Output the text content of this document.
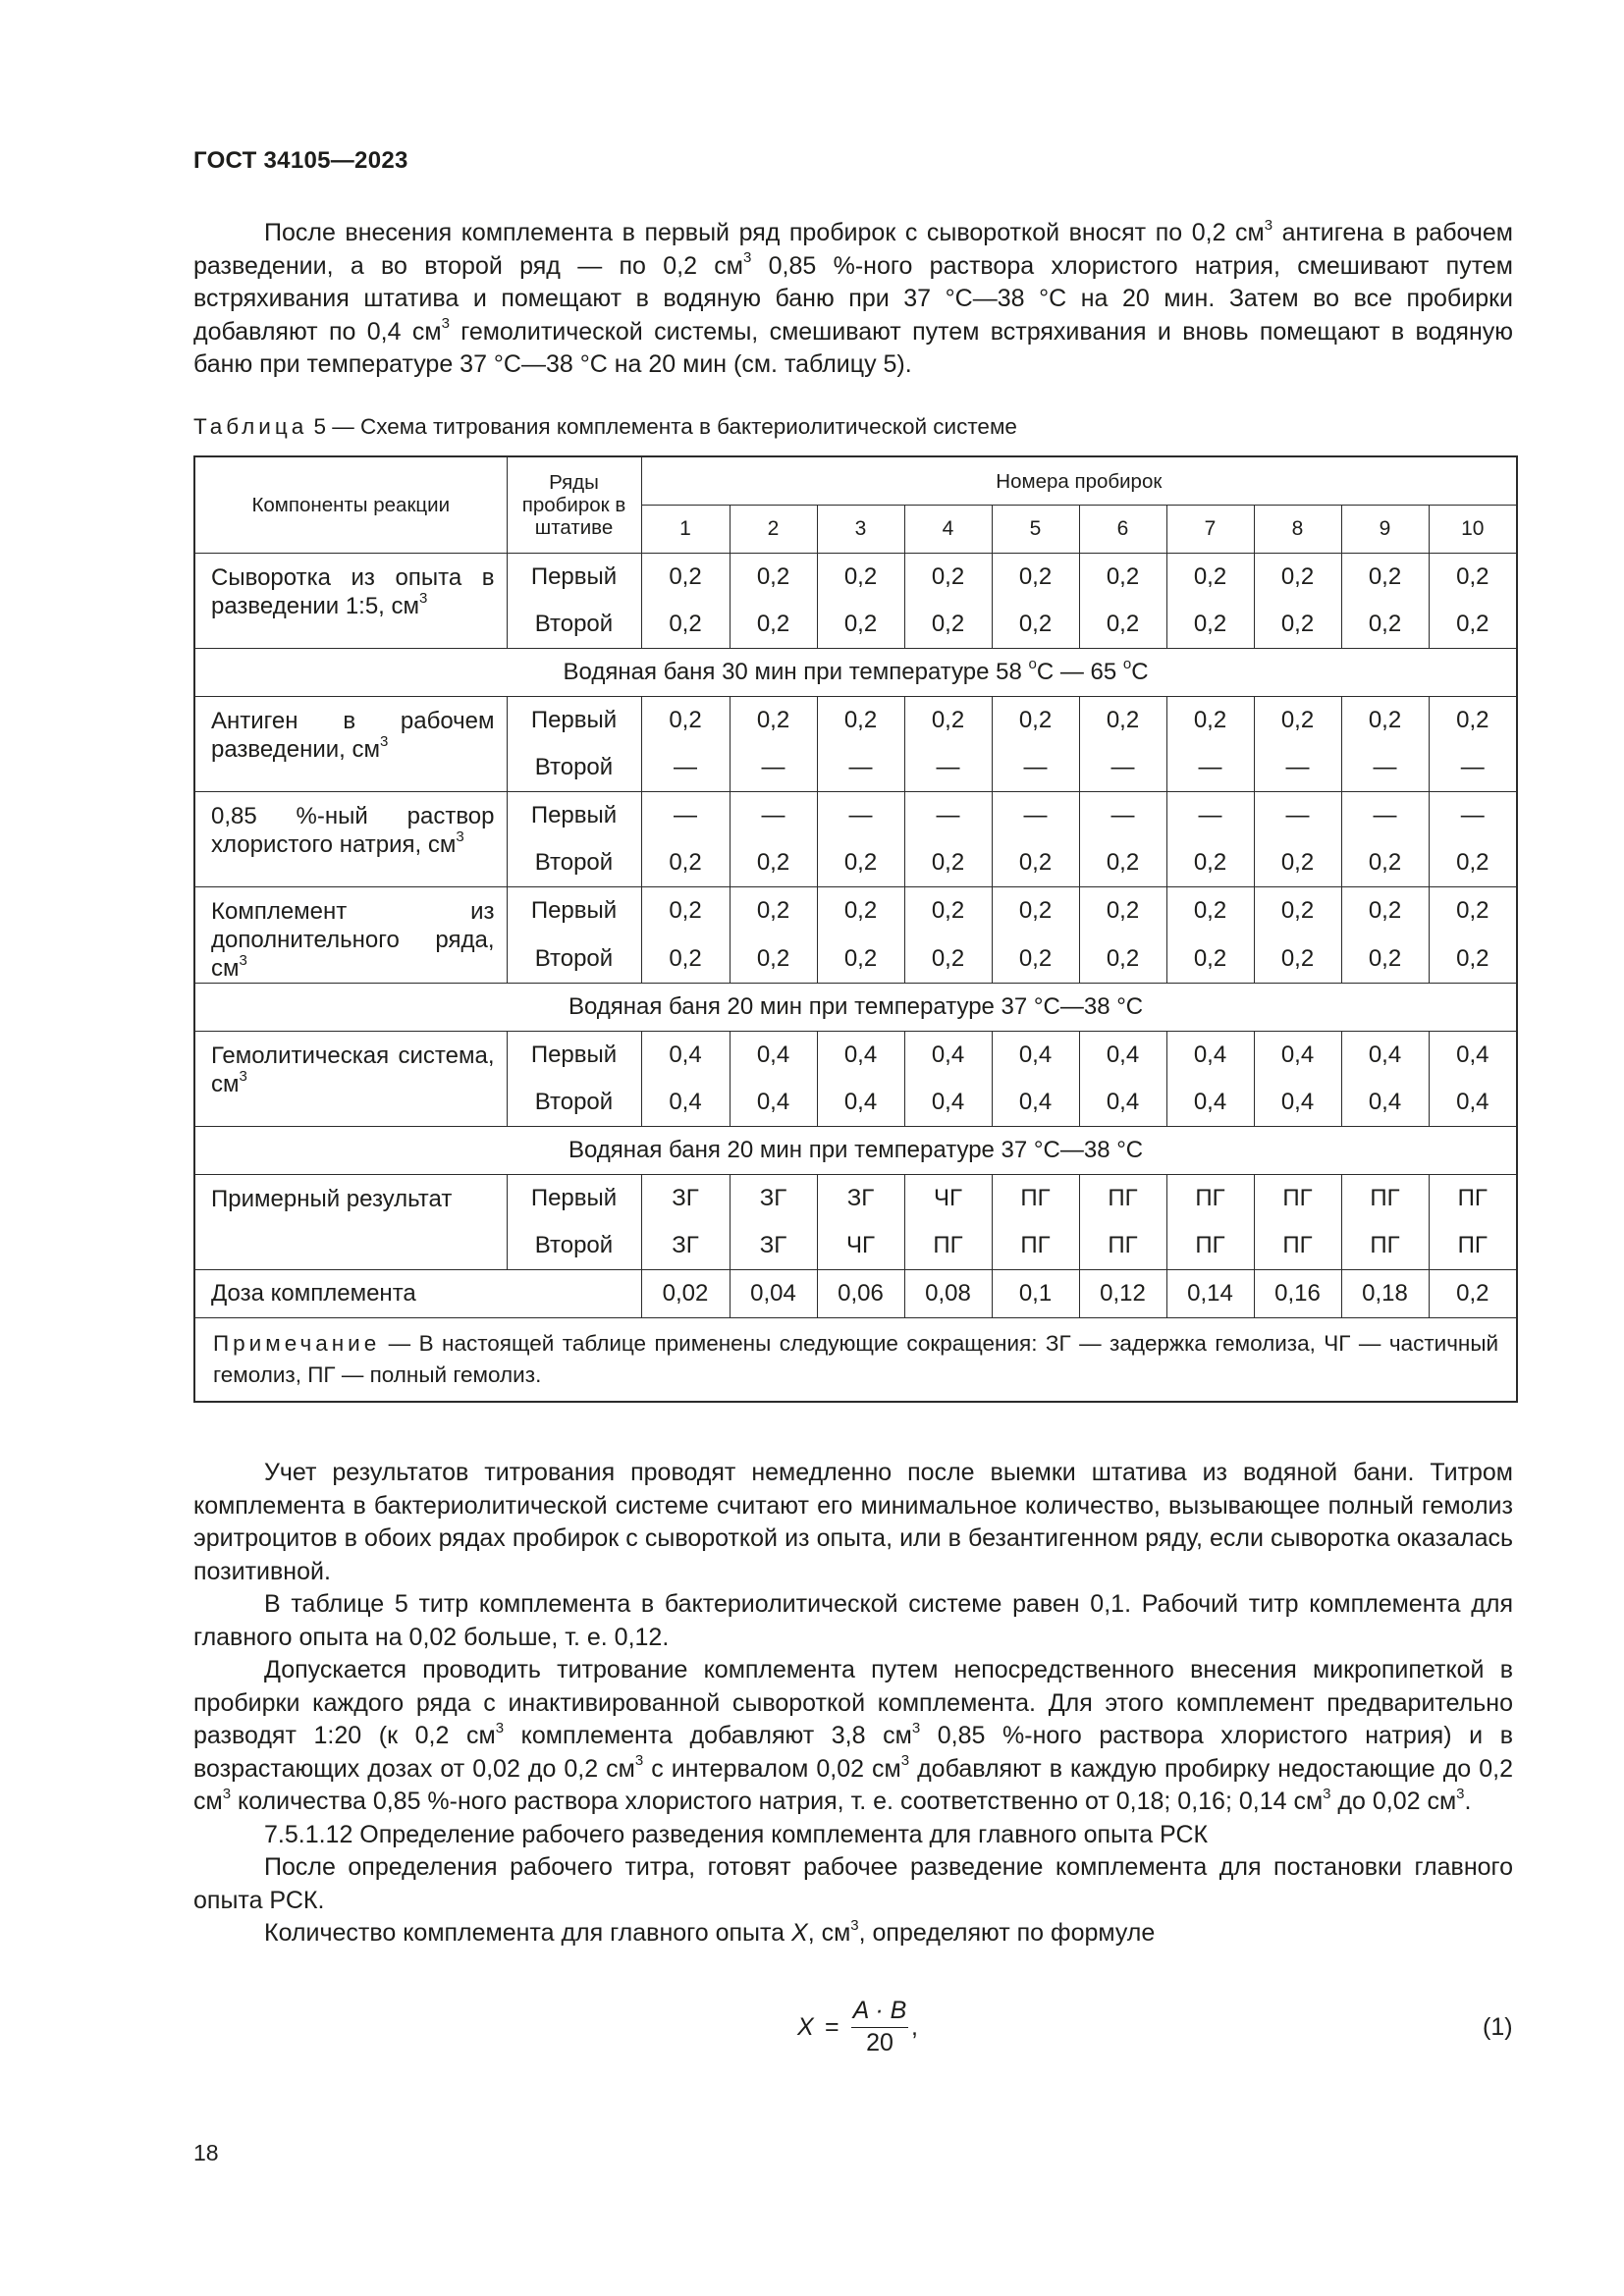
ГОСТ 34105—2023

После внесения комплемента в первый ряд пробирок с сывороткой вносят по 0,2 $см^3$ антигена в рабочем разведении, а во второй ряд — по 0,2 $см^3$ 0,85 %-ного раствора хлористого натрия, смешивают путем встряхивания штатива и помещают в водяную баню при 37 °С—38 °С на 20 мин. Затем во все пробирки добавляют по 0,4 $см^3$ гемолитической системы, смешивают путем встряхивания и вновь помещают в водяную баню при температуре 37 °С—38 °С на 20 мин (см. таблицу 5).

Таблица 5 — Схема титрования комплемента в бактериолитической системе
Компоненты реакции	Ряды пробирок в штативе	Номера пробирок									
		1	2	3	4	5	6	7	8	9	10
Сыворотка из опыта в разведении 1:5, $см^3$	Первый	0,2	0,2	0,2	0,2	0,2	0,2	0,2	0,2	0,2	0,2
	Второй	0,2	0,2	0,2	0,2	0,2	0,2	0,2	0,2	0,2	0,2
Водяная баня 30 мин при температуре 58 $^o$С — 65 $^o$С											
Антиген в рабочем разведении, $см^3$	Первый	0,2	0,2	0,2	0,2	0,2	0,2	0,2	0,2	0,2	0,2
	Второй	—	—	—	—	—	—	—	—	—	—
0,85 %-ный раствор хлористого натрия, $см^3$	Первый	—	—	—	—	—	—	—	—	—	—
	Второй	0,2	0,2	0,2	0,2	0,2	0,2	0,2	0,2	0,2	0,2
Комплемент из дополнительного ряда, $см^3$	Первый	0,2	0,2	0,2	0,2	0,2	0,2	0,2	0,2	0,2	0,2
	Второй	0,2	0,2	0,2	0,2	0,2	0,2	0,2	0,2	0,2	0,2
Водяная баня 20 мин при температуре 37 °С—38 °С											
Гемолитическая система, $см^3$	Первый	0,4	0,4	0,4	0,4	0,4	0,4	0,4	0,4	0,4	0,4
	Второй	0,4	0,4	0,4	0,4	0,4	0,4	0,4	0,4	0,4	0,4
Водяная баня 20 мин при температуре 37 °С—38 °С											
Примерный результат	Первый	ЗГ	ЗГ	ЗГ	ЧГ	ПГ	ПГ	ПГ	ПГ	ПГ	ПГ
	Второй	ЗГ	ЗГ	ЧГ	ПГ	ПГ	ПГ	ПГ	ПГ	ПГ	ПГ
Доза комплемента		0,02	0,04	0,06	0,08	0,1	0,12	0,14	0,16	0,18	0,2
Примечание — В настоящей таблице применены следующие сокращения: ЗГ — задержка гемолиза, ЧГ — частичный гемолиз, ПГ — полный гемолиз.											

Учет результатов титрования проводят немедленно после выемки штатива из водяной бани. Титром комплемента в бактериолитической системе считают его минимальное количество, вызывающее полный гемолиз эритроцитов в обоих рядах пробирок с сывороткой из опыта, или в безантигенном ряду, если сыворотка оказалась позитивной.

В таблице 5 титр комплемента в бактериолитической системе равен 0,1. Рабочий титр комплемента для главного опыта на 0,02 больше, т. е. 0,12.

Допускается проводить титрование комплемента путем непосредственного внесения микропипеткой в пробирки каждого ряда с инактивированной сывороткой комплемента. Для этого комплемент предварительно разводят 1:20 (к 0,2 $см^3$ комплемента добавляют 3,8 $см^3$ 0,85 %-ного раствора хлористого натрия) и в возрастающих дозах от 0,02 до 0,2 $см^3$ с интервалом 0,02 $см^3$ добавляют в каждую пробирку недостающие до 0,2 $см^3$ количества 0,85 %-ного раствора хлористого натрия, т. е. соответственно от 0,18; 0,16; 0,14 $см^3$ до 0,02 $см^3$.

7.5.1.12 Определение рабочего разведения комплемента для главного опыта РСК

После определения рабочего титра, готовят рабочее разведение комплемента для постановки главного опыта РСК.

Количество комплемента для главного опыта X, $см^3$, определяют по формуле

$X = \frac{A \cdot B}{20}$ ,	(1)
18
